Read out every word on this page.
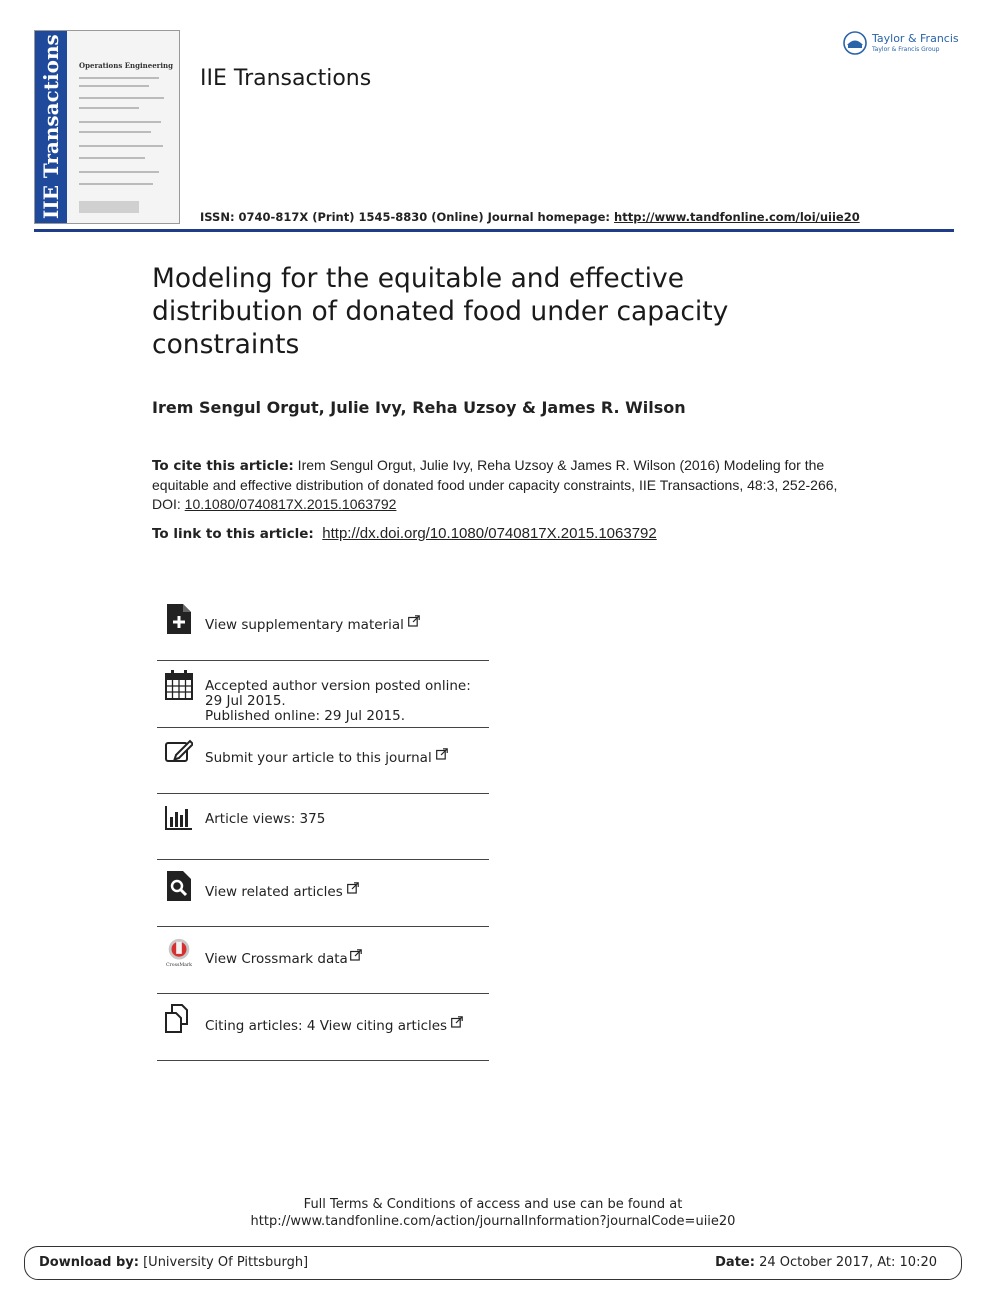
IIE Transactions Operations Engineering
IIE Transactions
Taylor & Francis
Taylor & Francis Group
ISSN: 0740-817X (Print) 1545-8830 (Online) Journal homepage: http://www.tandfonline.com/loi/uiie20
Modeling for the equitable and effective distribution of donated food under capacity constraints
Irem Sengul Orgut, Julie Ivy, Reha Uzsoy & James R. Wilson
To cite this article: Irem Sengul Orgut, Julie Ivy, Reha Uzsoy & James R. Wilson (2016) Modeling for the equitable and effective distribution of donated food under capacity constraints, IIE Transactions, 48:3, 252-266, DOI: 10.1080/0740817X.2015.1063792
To link to this article: http://dx.doi.org/10.1080/0740817X.2015.1063792
View supplementary material
Accepted author version posted online: 29 Jul 2015.
Published online: 29 Jul 2015.
Submit your article to this journal
Article views: 375
View related articles
CrossMark View Crossmark data
Citing articles: 4 View citing articles
Full Terms & Conditions of access and use can be found at
http://www.tandfonline.com/action/journalInformation?journalCode=uiie20
Download by: [University Of Pittsburgh]	Date: 24 October 2017, At: 10:20
